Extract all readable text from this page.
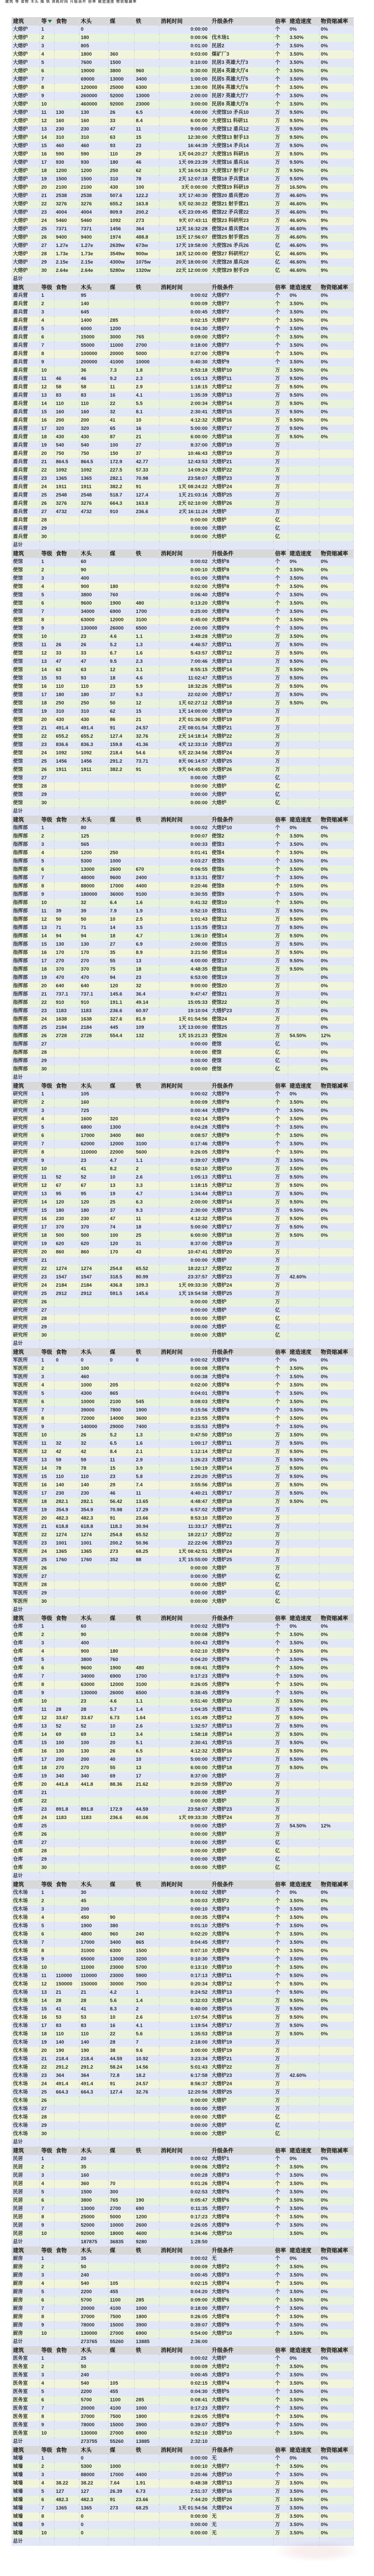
建筑 等 食物 木头 煤 铁 消耗时间 升级条件 倍率 建造速度 物资缩减率
建筑	等	食物	木头	煤	铁	消耗时间	升级条件	倍率	建造速度	物资缩减率
大熔炉	1		0			0:00:00		个	0%	0%
大熔炉	2		180			0:00:06	伐木场1	个	3.50%	0%
大熔炉	3		805			0:01:00	民居2	个	3.50%	0%
大熔炉	4		1800	360		0:03:00	煤矿厂3	个	3.50%	0%
大熔炉	5		7600	1500		0:10:00	民居3 英雄大厅3	个	3.50%	0%
大熔炉	6		19000	3800	960	0:30:00	民居4 英雄大厅4	个	3.50%	0%
大熔炉	7		69000	13000	3400	1:00:00	民居5 英雄大厅5	个	3.50%	0%
大熔炉	8		120000	25000	6300	1:30:00	民居6 英雄大厅6	个	3.50%	0%
大熔炉	9		260000	52000	13000	2:00:00	民居7 英雄大厅7	个	3.50%	0%
大熔炉	10		460000	92000	23000	3:00:00	民居8 英雄大厅8	个	3.50%	0%
大熔炉	11	130	130	26	6.5	4:00:00	大使馆10 矛兵10	万	9.50%	0%
大熔炉	12	160	160	33	8.4	6:00:00	大使馆11 科研11	万	9.50%	0%
大熔炉	13	230	230	47	11	9:00:00	大使馆12 盾兵12	万	9.50%	0%
大熔炉	14	310	310	63	15	12:30:00	大使馆13 射手13	万	9.50%	0%
大熔炉	15	460	460	93	23	16:44:39	大使馆14 矛兵14	万	9.50%	0%
大熔炉	16	590	590	110	29	1天 04:20:27	大使馆15 科研15	万	9.50%	0%
大熔炉	17	930	930	180	46	1天 09:23:39	大使馆16 盾兵16	万	9.50%	0%
大熔炉	18	1200	1200	250	62	1天 16:04:33	大使馆17 射手17	万	9.50%	0%
大熔炉	19	1500	1500	310	78	2天 12:07:18	使馆18 矛兵营18	万	9.50%	0%
大熔炉	20	2100	2100	430	100	3天 0:00:00	大使馆19 科研19	万	16.50%	0%
大熔炉	21	2538	2538	507.6	122.2	3天 17:40:30	使馆20 盾兵营20	万	46.60%	9%
大熔炉	22	3276	3276	655.2	163.8	5天 02:30:22	使馆21 射手营21	万	46.60%	9%
大熔炉	23	4004	4004	809.9	200.2	6天 23:09:45	使馆22 矛兵营22	万	46.60%	9%
大熔炉	24	5460	5460	1092	273	9天 07:43:11	使馆23 科研所23	万	46.60%	9%
大熔炉	25	7371	7371	1456	364	12天 16:32:28	使馆24 盾兵营24	万	46.60%	9%
大熔炉	26	9400	9400	1974	488.8	15天 17:56:07	使馆25 射手营25	万	46.60%	9%
大熔炉	27	1.27e	1.27e	2639w	673w	17天 19:58:00	大使馆26 矛兵26	亿	46.60%	9%
大熔炉	28	1.73e	1.73e	3549w	900w	18天 12:00:00	使馆27 科研所27	亿	46.60%	9%
大熔炉	29	2.15e	2.15e	4300w	1075w	20天 18:00:00	大使馆28 盾兵28	亿	46.60%	9%
大熔炉	30	2.64e	2.64e	5280w	1320w	22天 12:00:00	大使馆29 射手29	亿	46.60%	9%
总计										
建筑	等级	食物	木头	煤	铁	消耗时间	升级条件	倍率	建造速度	物资缩减率
盾兵营	1		95			0:00:02	大熔炉7	个	0%	0%
盾兵营	2		140			0:00:09	大熔炉7	个	3.50%	0%
盾兵营	3		645			0:00:45	大熔炉7	个	3.50%	0%
盾兵营	4		1400	285		0:02:15	大熔炉7	个	3.50%	0%
盾兵营	5		6000	1200		0:04:30	大熔炉7	个	3.50%	0%
盾兵营	6		15000	3000	765	0:09:00	大熔炉7	个	3.50%	0%
盾兵营	7		55000	11000	2700	0:18:00	大熔炉7	个	3.50%	0%
盾兵营	8		100000	20000	5000	0:27:00	大熔炉8	个	3.50%	0%
盾兵营	9		200000	41000	10000	0:40:30	大熔炉9	个	3.50%	0%
盾兵营	10		36	7.3	1.8	0:53:18	大熔炉10	万	3.50%	0%
盾兵营	11	46	46	9.2	2.3	1:05:13	大熔炉11	万	9.50%	0%
盾兵营	12	58	58	11	2.9	1:18:15	大熔炉12	万	9.50%	0%
盾兵营	13	83	83	16	4.1	1:35:39	大熔炉13	万	9.50%	0%
盾兵营	14	110	110	22	5.5	2:00:34	大熔炉14	万	9.50%	0%
盾兵营	15	160	160	32	8.1	2:30:41	大熔炉15	万	9.50%	0%
盾兵营	16	200	200	41	10	4:12:32	大熔炉16	万	9.50%	0%
盾兵营	17	320	320	65	16	5:00:00	大熔炉17	万	9.50%	0%
盾兵营	18	430	430	87	21	6:00:00	大熔炉18	万	9.50%	0%
盾兵营	19	540	540	100	27	8:37:00	大熔炉19	万		
盾兵营	20	750	750	150	37	10:46:43	大熔炉19	万		
盾兵营	21	864.5	864.5	172.9	42.77	12:43:53	大熔炉21	万		
盾兵营	22	1092	1092	227.5	57.33	14:09:24	大熔炉22	万		
盾兵营	23	1365	1365	282.1	70.98	23:58:07	大熔炉23	万		
盾兵营	24	1911	1911	382.2	91	1天 08:24:22	大熔炉24	万		
盾兵营	25	2548	2548	518.7	127.4	1天 21:03:16	大熔炉25	万		
盾兵营	26	3276	3276	664.3	163.8	2天 02:10:00	大熔炉26	万		
盾兵营	27	4732	4732	910	236.6	2天 16:11:24	大熔炉	万		
盾兵营	28					0:00:00	大熔炉	亿		
盾兵营	29					0:00:00	大熔炉	亿		
盾兵营	30					0:00:00	大熔炉	亿		
总计										
建筑	等级	食物	木头	煤	铁	消耗时间	升级条件	倍率	建造速度	物资缩减率
使馆	1		60			0:00:02	大熔炉8	个	0%	0%
使馆	2		90			0:00:10	大熔炉8	个	3.50%	0%
使馆	3		400			0:01:00	大熔炉8	个	3.50%	0%
使馆	4		900	180		0:02:00	大熔炉8	个	3.50%	0%
使馆	5		3800	760		0:06:40	大熔炉8	个	3.50%	0%
使馆	6		9600	1900	480	0:13:20	大熔炉8	个	3.50%	0%
使馆	7		34000	6900	1700	0:25:00	大熔炉8	个	3.50%	0%
使馆	8		63000	12000	3100	0:45:00	大熔炉8	个	3.50%	0%
使馆	9		130000	26000	6500	2:00:00	大熔炉9	个	3.50%	0%
使馆	10		23	4.6	1.1	3:49:28	大熔炉10	万	3.50%	0%
使馆	11	26	26	5.2	1.3	4:46:57	大熔炉11	万	9.50%	0%
使馆	12	33	33	6.7	1.6	5:43:57	大熔炉12	万	9.50%	0%
使馆	13	47	47	9.5	2.3	7:00:46	大熔炉13	万	9.50%	0%
使馆	14	63	63	12	3.1	8:55:15	大熔炉14	万	9.50%	0%
使馆	15	93	93	18	4.6	11:02:47	大熔炉15	万	9.50%	0%
使馆	16	110	110	23	5.9	18:32:26	大熔炉16	万	9.50%	0%
使馆	17	180	180	37	9.3	22:02:00	大熔炉17	万	9.50%	0%
使馆	18	250	250	50	12	1天 02:27:12	大熔炉18	万	9.50%	0%
使馆	19	310	310	62	15	1天 14:00:00	大熔炉19	万		
使馆	20	430	430	86	21	2天 01:36:00	大熔炉19	万		
使馆	21	491.4	491.4	91	24.57	2天 08:01:54	大熔炉21	万		
使馆	22	655.2	655.2	127.4	32.76	2天 14:18:14	大熔炉22	万		
使馆	23	836.6	836.3	159.8	41.36	4天 12:33:10	大熔炉23	万		
使馆	24	1092	1092	218.4	54.6	5天 22:34:56	大熔炉24	万		
使馆	25	1456	1456	291.2	73.71	8天 06:14:57	大熔炉25	万		
使馆	26	1911	1911	382.2	91	9天 04:45:00	大熔炉26	万		
使馆	27					0:00:00	大熔炉	亿		
使馆	28					0:00:00	大熔炉	亿		
使馆	29					0:00:00	大熔炉	亿		
使馆	30					0:00:00	大熔炉	亿		
总计										
建筑	等级	食物	木头	煤	铁	消耗时间	升级条件	倍率	建造速度	物资缩减率
指挥部	1		80			0:00:02	大熔炉10	个	0%	0%
指挥部	2		125			0:00:07	使馆2	个	3.50%	0%
指挥部	3		565			0:00:33	使馆3	个	3.50%	0%
指挥部	4		1200	250		0:01:41	使馆4	个	3.50%	0%
指挥部	5		5300	1000		0:03:27	使馆5	个	3.50%	0%
指挥部	6		13000	2600	670	0:06:55	使馆6	个	3.50%	0%
指挥部	7		48000	9600	2400	0:13:31	使馆7	个	3.50%	0%
指挥部	8		88000	17000	4400	0:20:46	使馆8	个	3.50%	0%
指挥部	9		180000	36000	9100	0:30:55	使馆9	个	3.50%	0%
指挥部	10		32	6.4	1.6	0:41:32	使馆10	个	3.50%	0%
指挥部	11	39	39	7.9	1.9	0:52:10	使馆11	万	9.50%	0%
指挥部	12	50	50	10	2.5	1:01:43	使馆12	万	9.50%	0%
指挥部	13	71	71	14	3.5	1:15:35	使馆13	万	9.50%	0%
指挥部	14	94	94	18	4.7	1:36:10	使馆14	万	9.50%	0%
指挥部	15	130	130	27	6.9	2:00:00	使馆15	万	9.50%	0%
指挥部	16	170	170	35	8.9	3:21:50	使馆16	万	9.50%	0%
指挥部	17	270	270	55	13	4:00:00	使馆17	万	9.50%	0%
指挥部	18	370	370	75	18	4:48:35	使馆18	万	9.50%	0%
指挥部	19	470	470	94	23	6:53:00	使馆19	万		0%
指挥部	20	640	640	120	32	9:00:00	使馆20	万		0%
指挥部	21	737.1	737.1	145.6	36.4	9:47:47	使馆21	万		0%
指挥部	22	910	910	191.1	49.14	15:05:33	使馆22	万		0%
指挥部	23	1183	1183	236.6	60.97	19:10:04	大熔炉23	万		0%
指挥部	24	1638	1638	327.6	81.9	1天 01:54:56	使馆24	万		0%
指挥部	25	2184	2184	445	109	1天 13:00:00	使馆25	万		0%
指挥部	26	2728	2728	554.4	132	1天 15:21:23	使馆26	万	54.50%	12%
指挥部	27					0:00:00	使馆	亿		0%
指挥部	28					0:00:00	使馆	亿		0%
指挥部	29					0:00:00	使馆	亿		0%
指挥部	30					0:00:00	使馆	亿		0%
总计										
建筑	等级	食物	木头	煤	铁	消耗时间	升级条件	倍率	建造速度	物资缩减率
研究所	1		105			0:00:02	大熔炉9	个	0%	0%
研究所	2		160			0:00:09	大熔炉9	个	3.50%	0%
研究所	3		725			0:00:44	大熔炉9	个	3.50%	0%
研究所	4		1600	320		0:02:14	大熔炉9	个	3.50%	0%
研究所	5		6800	1300		0:04:28	大熔炉9	个	3.50%	0%
研究所	6		17000	3400	860	0:08:57	大熔炉9	个	3.50%	0%
研究所	7		62000	12000	3100	0:17:46	大熔炉9	个	3.50%	0%
研究所	8		110000	22000	5600	0:26:05	大熔炉9	个	3.50%	0%
研究所	9		23	4.7	1.1	0:39:07	大熔炉9	万	3.50%	0%
研究所	10		41	8.2	2	0:52:10	大熔炉10	万	3.50%	0%
研究所	11	52	52	10	2.6	1:05:13	大熔炉11	万	9.50%	0%
研究所	12	67	67	13	3.3	1:18:15	大熔炉12	万	9.50%	0%
研究所	13	95	95	19	4.7	1:34:44	大熔炉13	万	9.50%	0%
研究所	14	120	120	25	6.3	2:00:00	大熔炉14	万	9.50%	0%
研究所	15	180	180	37	9.3	2:30:00	大熔炉15	万	9.50%	0%
研究所	16	230	230	47	11	4:12:32	大熔炉16	万	9.50%	0%
研究所	17	370	370	74	18	5:00:00	大熔炉17	万	9.50%	0%
研究所	18	500	500	100	25	6:00:00	大熔炉18	万	9.50%	0%
研究所	19	620	620	120	31	8:37:00	大熔炉19	万		
研究所	20	860	860	170	43	10:47:41	大熔炉20	万		
研究所	21					0:00:00	大熔炉	万		
研究所	22	1274	1274	254.8	65.52	18:22:17	大熔炉22	万		
研究所	23	1547	1547	318.5	80.99	23:37:57	大熔炉23	万	42.60%	
研究所	24	2184	2184	436.8	109.3	1天 09:33:30	大熔炉24	万		
研究所	25	2912	2912	591.5	145.6	1天 19:54:58	大熔炉25	万		
研究所	26					0:00:00	大熔炉	万		
研究所	27					0:00:00	大熔炉	亿		
研究所	28					0:00:00	大熔炉	亿		
研究所	29					0:00:00	大熔炉	亿		
研究所	30					0:00:00	大熔炉	亿		
总计										
建筑	等级	食物	木头	煤	铁	消耗时间	升级条件	倍率	建造速度	物资缩减率
军医所	1	0	0	0	0	0:00:02	大熔炉8	个	0%	0%
军医所	2		100			0:00:08	大熔炉8	个	3.50%	0%
军医所	3		460			0:00:38	大熔炉8	个	3.50%	0%
军医所	4		1000	205		0:02:00	大熔炉8	个	3.50%	0%
军医所	5		4300	865		0:04:01	大熔炉8	个	3.50%	0%
军医所	6		10000	2100	545	0:08:03	大熔炉8	个	3.50%	0%
军医所	7		39000	7800	1900	0:15:56	大熔炉8	个	3.50%	0%
军医所	8		72000	14000	3600	0:23:55	大熔炉8	个	3.50%	0%
军医所	9		140000	29000	7400	0:35:53	大熔炉9	个	3.50%	0%
军医所	10		26	5.2	1.3	0:47:50	大熔炉10	万	3.50%	0%
军医所	11	32	32	6.5	1.6	1:00:17	大熔炉11	万	9.50%	0%
军医所	12	42	42	8.4	2.1	1:12:14	大熔炉12	万	9.50%	0%
军医所	13	59	59	11	2.9	1:26:23	大熔炉13	万	9.50%	0%
军医所	14	78	78	15	3.9	1:50:19	大熔炉14	万	9.50%	0%
军医所	15	110	110	23	5.8	2:20:20	大熔炉15	万	9.50%	0%
军医所	16	140	140	29	7.4	3:55:56	大熔炉16	万	9.50%	0%
军医所	17	230	230	46	11	4:40:21	大熔炉17	万	9.50%	0%
军医所	18	282.1	282.1	56.42	13.65	4:48:47	大熔炉18	万	9.50%	0%
军医所	19	354.9	354.9	70.98	17.29	6:57:02	大熔炉19	万		
军医所	20	482.3	482.3	91	23.66	8:53:10	大熔炉20	万		
军医所	21	618.8	618.8	118.3	30.94	11:33:17	大熔炉21	万		
军医所	22	1274	1274	254.8	65.52	18:22:17	大熔炉22	万		
军医所	23	1001	1001	200.2	50.96	22:22:06	大熔炉23	万		
军医所	24	1365	1365	273	68.25	1天 08:42:51	大熔炉24	万		
军医所	25	1760	1760	352	88	1天 15:55:00	大熔炉25	万		
军医所	26					0:00:00	大熔炉	万		
军医所	27					0:00:00	大熔炉	亿		
军医所	28					0:00:00	大熔炉	亿		
军医所	29					0:00:00	大熔炉	亿		
军医所	30					0:00:00	大熔炉	亿		
总计										
建筑	等级	食物	木头	煤	铁	消耗时间	升级条件	倍率	建造速度	物资缩减率
仓库	1		60			0:00:02	大熔炉9	个	0%	0%
仓库	2		90			0:00:08	大熔炉9	个	3.50%	0%
仓库	3		400			0:00:43	大熔炉9	个	3.50%	0%
仓库	4		900	180		0:02:10	大熔炉9	个	3.50%	0%
仓库	5		3800	760		0:04:20	大熔炉9	个	3.50%	0%
仓库	6		9600	1900	480	0:08:41	大熔炉9	个	3.50%	0%
仓库	7		34000	6900	1700	0:17:23	大熔炉9	个	3.50%	0%
仓库	8		63000	12000	3100	0:26:05	大熔炉9	个	3.50%	0%
仓库	9		130000	26000	6500	0:38:45	大熔炉9	个	3.50%	0%
仓库	10		23	4.6	1.1	0:51:40	大熔炉10	万	3.50%	0%
仓库	11	28	28	5.7	1.4	1:04:35	大熔炉11	万	9.50%	0%
仓库	12	33.67	33.67	6.73	1.64	1:01:49	大熔炉12	万	9.50%	0%
仓库	13	52	52	10	2.6	1:32:57	大熔炉13	万	9.50%	0%
仓库	14	69	69	13	3.4	1:58:18	大熔炉14	万	9.50%	0%
仓库	15	100	100	20	5.1	2:30:41	大熔炉15	万	9.50%	0%
仓库	16	130	130	26	6.5	4:12:32	大熔炉16	万	9.50%	0%
仓库	17	200	200	40	10	5:00:00	大熔炉17	万	9.50%	0%
仓库	18	270	270	55	13	6:00:00	大熔炉18	万	9.50%	0%
仓库	19	340	340	69	17	8:37:00	大熔炉	万		
仓库	20	441.8	441.8	88.36	21.62	9:20:59	大熔炉20	万		
仓库	21					0:00:00	大熔炉	万		
仓库	22					0:00:00	大熔炉	万		
仓库	23	891.8	891.8	172.9	44.59	23:58:07	大熔炉23	万		
仓库	24	1183	1183	236.6	60.06	1天 09:33:30	大熔炉24	万		
仓库	25					0:00:00	大熔炉	万	54.50%	12%
仓库	26					0:00:00	大熔炉	万		
仓库	27					0:00:00	大熔炉	亿		
仓库	28					0:00:00	大熔炉	亿		
仓库	29					0:00:00	大熔炉	亿		
仓库	30					0:00:00	大熔炉	亿		
总计										
建筑	等级	食物	木头	煤	铁	消耗时间	升级条件	倍率	建造速度	物资缩减率
伐木场	1		30			0:00:02	大熔炉	个	0%	0%
伐木场	2		45			0:00:03	大熔炉2	个	3.50%	0%
伐木场	3		200			0:00:10	大熔炉3	个	3.50%	0%
伐木场	4		450	90		0:00:35	大熔炉4	个	3.50%	0%
伐木场	5		1900	380		0:01:10	大熔炉5	个	3.50%	0%
伐木场	6		4800	960	240	0:02:20	大熔炉6	个	3.50%	0%
伐木场	7		17000	3400	865	0:04:45	大熔炉7	个	3.50%	0%
伐木场	8		31000	6300	1500	0:07:10	大熔炉8	个	3.50%	0%
伐木场	9		65000	13000	3200	0:10:30	大熔炉9	个	3.50%	0%
伐木场	10		11000	23000	5700	0:13:10	大熔炉10	个	3.50%	0%
伐木场	11	110000	110000	23000	5900	0:17:13	大熔炉11	个	9.50%	0%
伐木场	12	150000	150000	30000	7500	0:20:34	大熔炉12	个	9.50%	0%
伐木场	13	21	21	4.2	1	0:24:52	大熔炉13	个	9.50%	0%
伐木场	14	28	28	5.6	1.4	0:32:03	大熔炉14	万	9.50%	0%
伐木场	15	41	41	8.3	2	0:40:00	大熔炉15	万	9.50%	0%
伐木场	16	53	53	10	2.6	1:07:54	大熔炉16	万	9.50%	0%
伐木场	17	83	83	16	4.1	1:19:54	大熔炉17	万	9.50%	0%
伐木场	18	110	110	22	5.6	1:35:53	大熔炉18	万	9.50%	0%
伐木场	19	140	140	28	7	2:18:00	大熔炉19	万		
伐木场	20	190	190	38	9.6	3:00:00	大熔炉19	万		
伐木场	21	218.4	218.4	44.59	10.92	3:23:34	大熔炉21	万		
伐木场	22	291.2	291.2	58.24	14.56	5:01:43	大熔炉22	万		
伐木场	23	364	364	72.8	18.2	6:17:58	大熔炉23	万	42.60%	
伐木场	24	491.4	491.4	91	24.57	8:56:37	大熔炉24	万		
伐木场	25	664.3	664.3	127.4	32.76	12:20:56	大熔炉25	万		
伐木场	26					0:00:00	大熔炉	万		
伐木场	27					0:00:00	大熔炉	万		
伐木场	28					0:00:00	大熔炉	亿		
伐木场	29					0:00:00	大熔炉	亿		
伐木场	30					0:00:00	大熔炉	亿		
总计										
建筑	等级	食物	木头	煤	铁	消耗时间	升级条件	倍率	建造速度	物资缩减率
民居	1		20			0:00:02	大熔炉1	个	0%	0%
民居	2		35			0:00:06	大熔炉2	个	3.50%	0%
民居	3		160			0:00:28	大熔炉3	个	3.50%	0%
民居	4		360	70		0:01:26	大熔炉4	个	3.50%	0%
民居	5		1500	300		0:02:53	大熔炉5	个	3.50%	0%
民居	6		3800	765	190	0:05:47	大熔炉6	个	3.50%	0%
民居	7		13000	2700	690	0:11:35	大熔炉7	个	3.50%	0%
民居	8		25000	5000	1200	0:17:23	大熔炉8	个	3.50%	0%
民居	9		52000	10000	2600	0:26:05	大熔炉9	个	3.50%	0%
民居	10		92000	18000	4600	0:34:46	大熔炉10		3.50%	0%
总计			187875	36835	9280	1:28:50				
建筑	等级	食物	木头	煤	铁	消耗时间	升级条件	倍率	建造速度	物资缩减率
厨房	1		35			0:00:02	无	个	0%	0%
厨房	2		50			0:00:09	大熔炉2	个	3.50%	0%
厨房	3		240			0:00:45	大熔炉3	个	3.50%	0%
厨房	4		540	105		0:02:15	大熔炉4	个	3.50%	0%
厨房	5		2200	455		0:04:20	大熔炉5	个	3.50%	0%
厨房	6		5700	1100	285	0:09:00	大熔炉6	个	3.50%	0%
厨房	7		20000	4100	1000	0:18:00	大熔炉7	个	3.50%	0%
厨房	8		37000	7500	1800	0:26:05	大熔炉8	个	3.50%	0%
厨房	9		78000	15000	3900	0:39:07	大熔炉9	个	3.50%	0%
厨房	10		130000	27000	6900	0:54:00	大熔炉10	个	3.50%	0%
总计			273765	55260	13885	2:36:00				
建筑	等级	食物	木头	煤	铁	消耗时间	升级条件	倍率	建造速度	物资缩减率
医务室	1		25			0:00:02	大熔炉	个	0%	0%
医务室	2		50			0:00:09	大熔炉2	个	3.50%	0%
医务室	3		240			0:00:45	大熔炉3	个	3.50%	0%
医务室	4		540	105		0:02:15	大熔炉4	个	3.50%	0%
医务室	5		2200	455		0:04:30	大熔炉5	个	3.50%	0%
医务室	6		5700	1100	285	0:08:41	大熔炉6	个	3.50%	0%
医务室	7		20000	4100	1000	0:17:23	大熔炉7	个	3.50%	0%
医务室	8		37000	7500	1800	0:26:05	大熔炉8	个	3.50%	0%
医务室	9		78000	15000	3900	0:39:07	大熔炉9	个	3.50%	0%
医务室	10		130000	27000	6900	0:52:10	大熔炉10	个	3.50%	0%
总计			273755	55260	13885	2:32:10				
建筑	等级	食物	木头	煤	铁	消耗时间	升级条件	倍率	建造速度	物资缩减率
城墙	1		0			0:00:00	无	个	0%	0%
城墙	2		5300	1000		0:00:10	大熔炉7	个	3.50%	0%
城墙	3		88000	17000	4400	0:20:46	大熔炉10	个	3.50%	0%
城墙	4	38.22	38.22	7.64	1.91	0:48:38	大熔炉13	万	3.50%	0%
城墙	5	127	127	26.39	6.73	2:51:37	大熔炉16	万	3.50%	0%
城墙	6	482.3	482.3	91	23.66	7:44:20	大熔炉20	万	3.50%	0%
城墙	7	1365	1365	273	68.25	1天 01:54:56	大熔炉24	万	3.50%	0%
城墙	8		0			0:00:00	无	万	3.50%	0%
城墙	9		0			0:00:00	无	万	3.50%	0%
城墙	10		0			0:00:00	无	万	3.50%	0%
总计										
